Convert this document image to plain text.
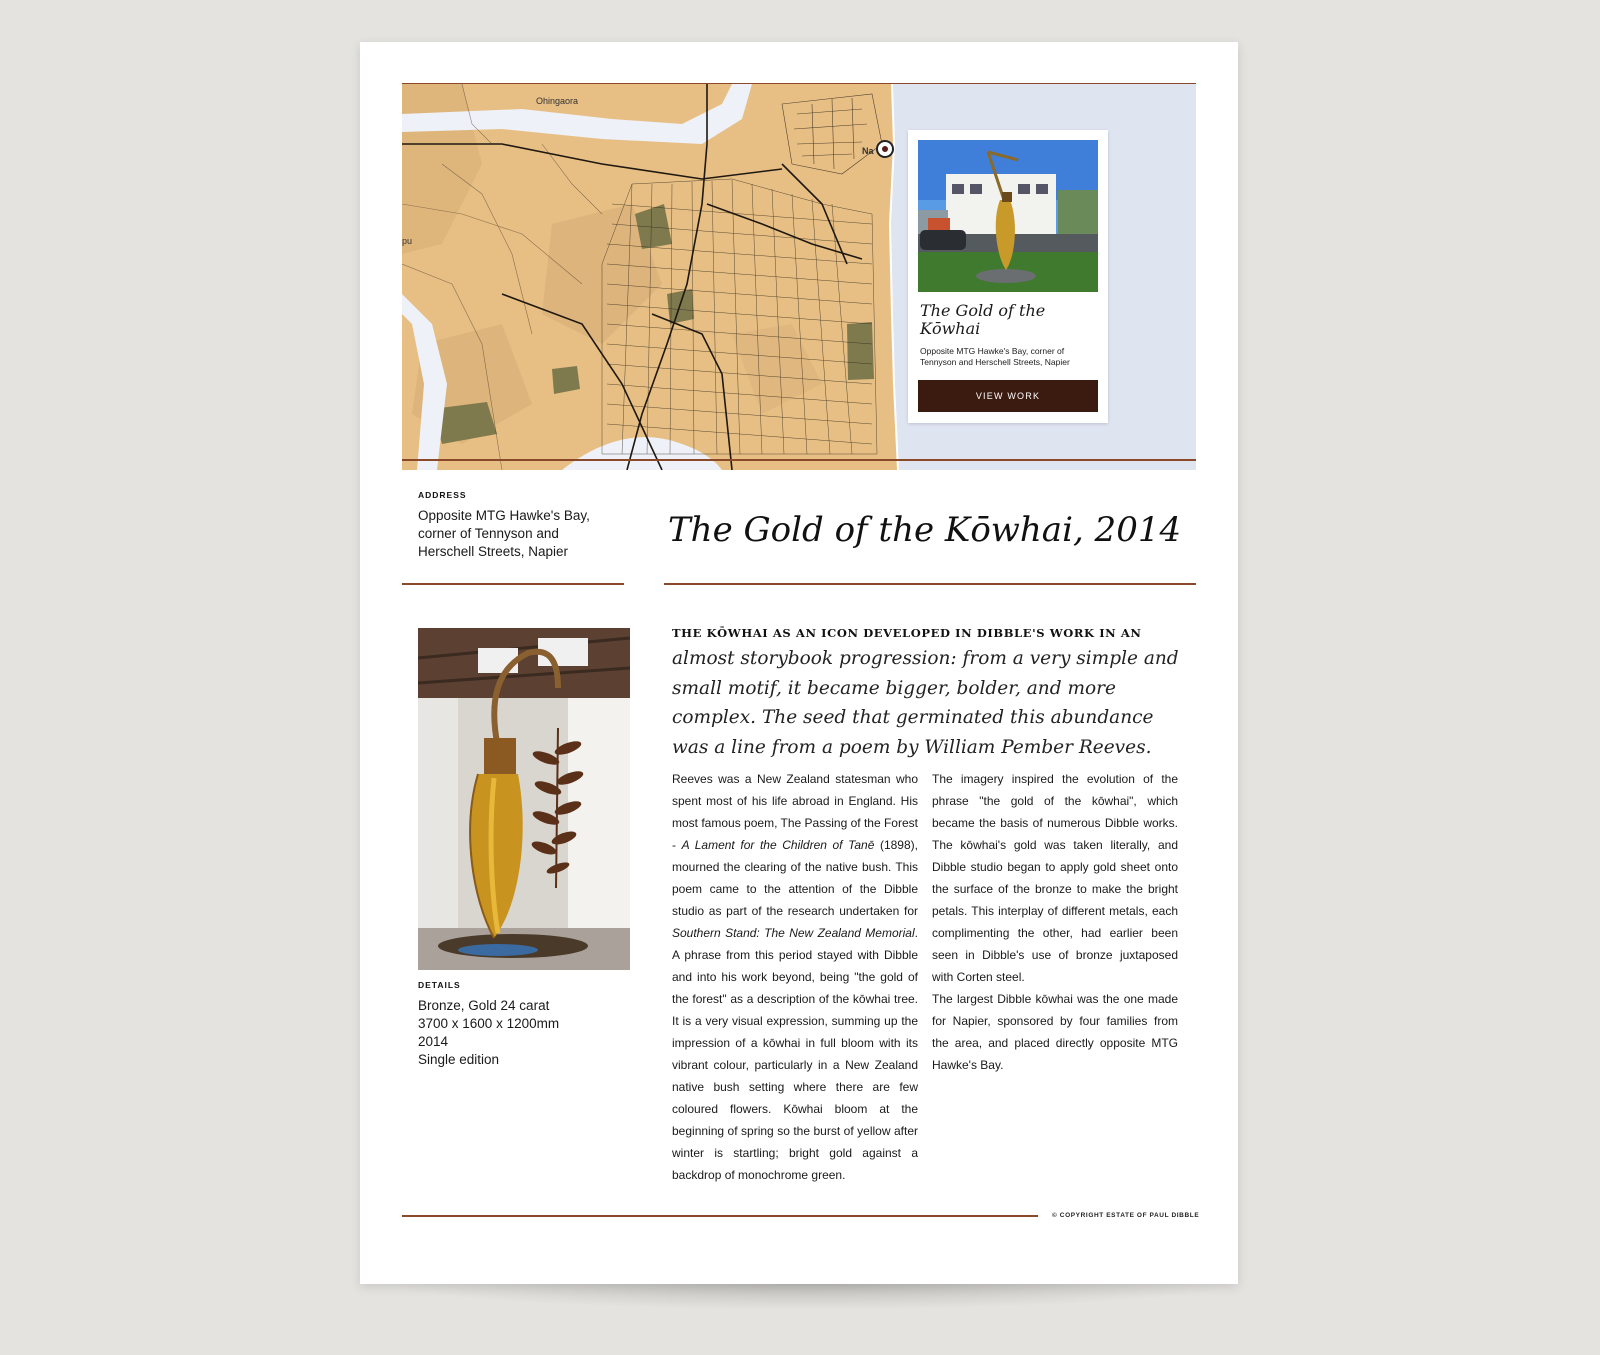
Ohingaora
Na
pu
The Gold of the Kōwhai
Opposite MTG Hawke's Bay, corner of Tennyson and Herschell Streets, Napier
VIEW WORK
ADDRESS
Opposite MTG Hawke's Bay,
corner of Tennyson and
Herschell Streets, Napier
The Gold of the Kōwhai, 2014
DETAILS
Bronze, Gold 24 carat
3700 x 1600 x 1200mm
2014
Single edition
THE KŌWHAI AS AN ICON DEVELOPED IN DIBBLE'S WORK IN AN
almost storybook progression: from a very simple and small motif, it became bigger, bolder, and more complex. The seed that germinated this abundance was a line from a poem by William Pember Reeves.

Reeves was a New Zealand statesman who spent most of his life abroad in England. His most famous poem, The Passing of the Forest - A Lament for the Children of Tanē (1898), mourned the clearing of the native bush. This poem came to the attention of the Dibble studio as part of the research undertaken for Southern Stand: The New Zealand Memorial. A phrase from this period stayed with Dibble and into his work beyond, being "the gold of the forest" as a description of the kōwhai tree. It is a very visual expression, summing up the impression of a kōwhai in full bloom with its vibrant colour, particularly in a New Zealand native bush setting where there are few coloured flowers. Kōwhai bloom at the beginning of spring so the burst of yellow after winter is startling; bright gold against a backdrop of monochrome green.

The imagery inspired the evolution of the phrase "the gold of the kōwhai", which became the basis of numerous Dibble works. The kōwhai's gold was taken literally, and Dibble studio began to apply gold sheet onto the surface of the bronze to make the bright petals. This interplay of different metals, each complimenting the other, had earlier been seen in Dibble's use of bronze juxtaposed with Corten steel.

The largest Dibble kōwhai was the one made for Napier, sponsored by four families from the area, and placed directly opposite MTG Hawke's Bay.

© COPYRIGHT ESTATE OF PAUL DIBBLE
